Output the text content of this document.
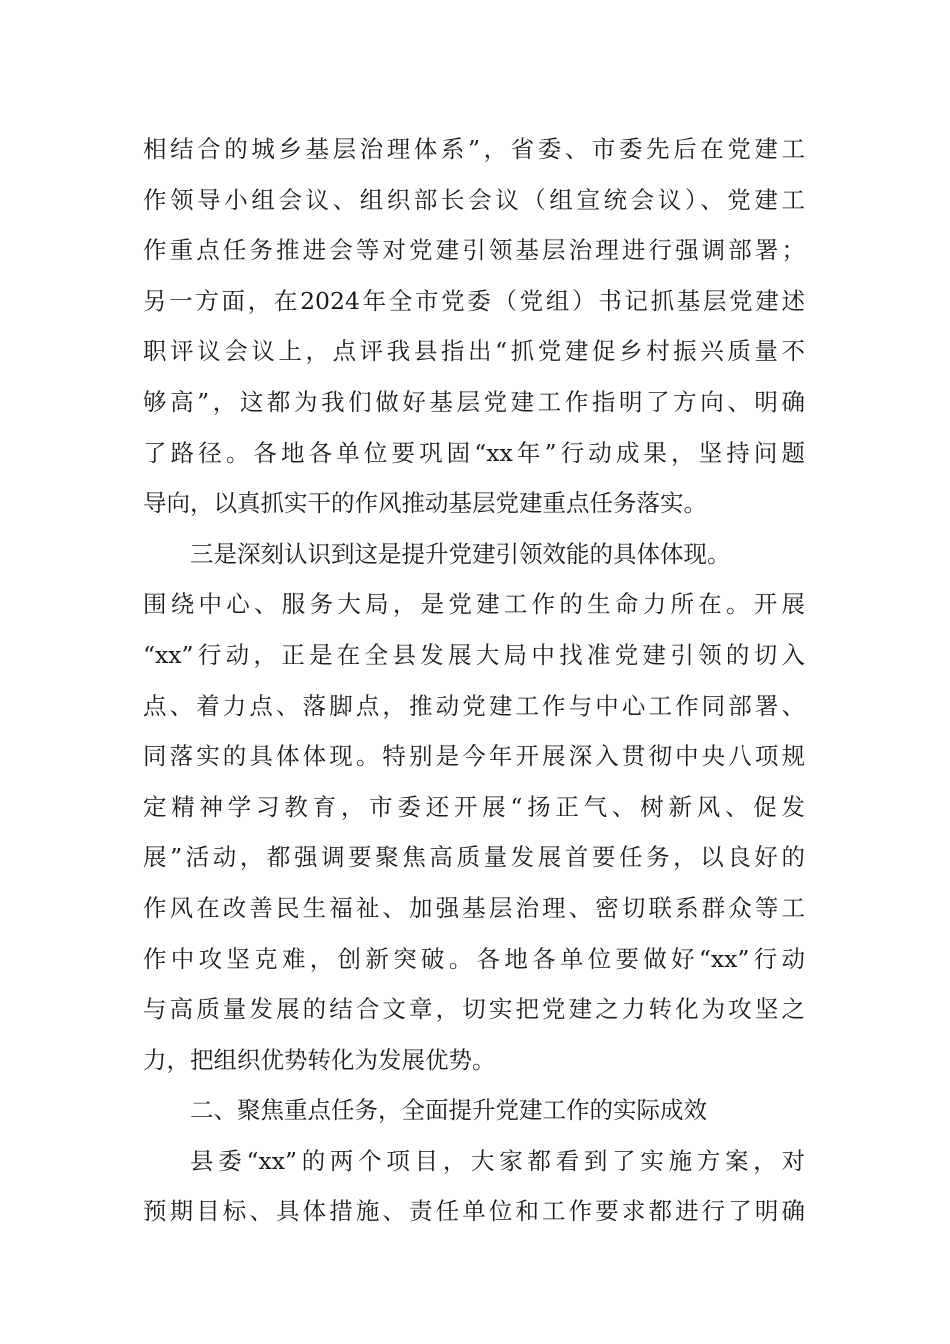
相结合的城乡基层治理体系”，省委、市委先后在党建工
作领导小组会议、组织部长会议（组宣统会议）、党建工
作重点任务推进会等对党建引领基层治理进行强调部署；
另一方面，在2024年全市党委（党组）书记抓基层党建述
职评议会议上，点评我县指出“抓党建促乡村振兴质量不
够高”，这都为我们做好基层党建工作指明了方向、明确
了路径。各地各单位要巩固“xx年”行动成果，坚持问题
导向，以真抓实干的作风推动基层党建重点任务落实。
三是深刻认识到这是提升党建引领效能的具体体现。
围绕中心、服务大局，是党建工作的生命力所在。开展
“xx”行动，正是在全县发展大局中找准党建引领的切入
点、着力点、落脚点，推动党建工作与中心工作同部署、
同落实的具体体现。特别是今年开展深入贯彻中央八项规
定精神学习教育，市委还开展“扬正气、树新风、促发
展”活动，都强调要聚焦高质量发展首要任务，以良好的
作风在改善民生福祉、加强基层治理、密切联系群众等工
作中攻坚克难，创新突破。各地各单位要做好“xx”行动
与高质量发展的结合文章，切实把党建之力转化为攻坚之
力，把组织优势转化为发展优势。
二、聚焦重点任务，全面提升党建工作的实际成效
县委“xx”的两个项目，大家都看到了实施方案，对
预期目标、具体措施、责任单位和工作要求都进行了明确
